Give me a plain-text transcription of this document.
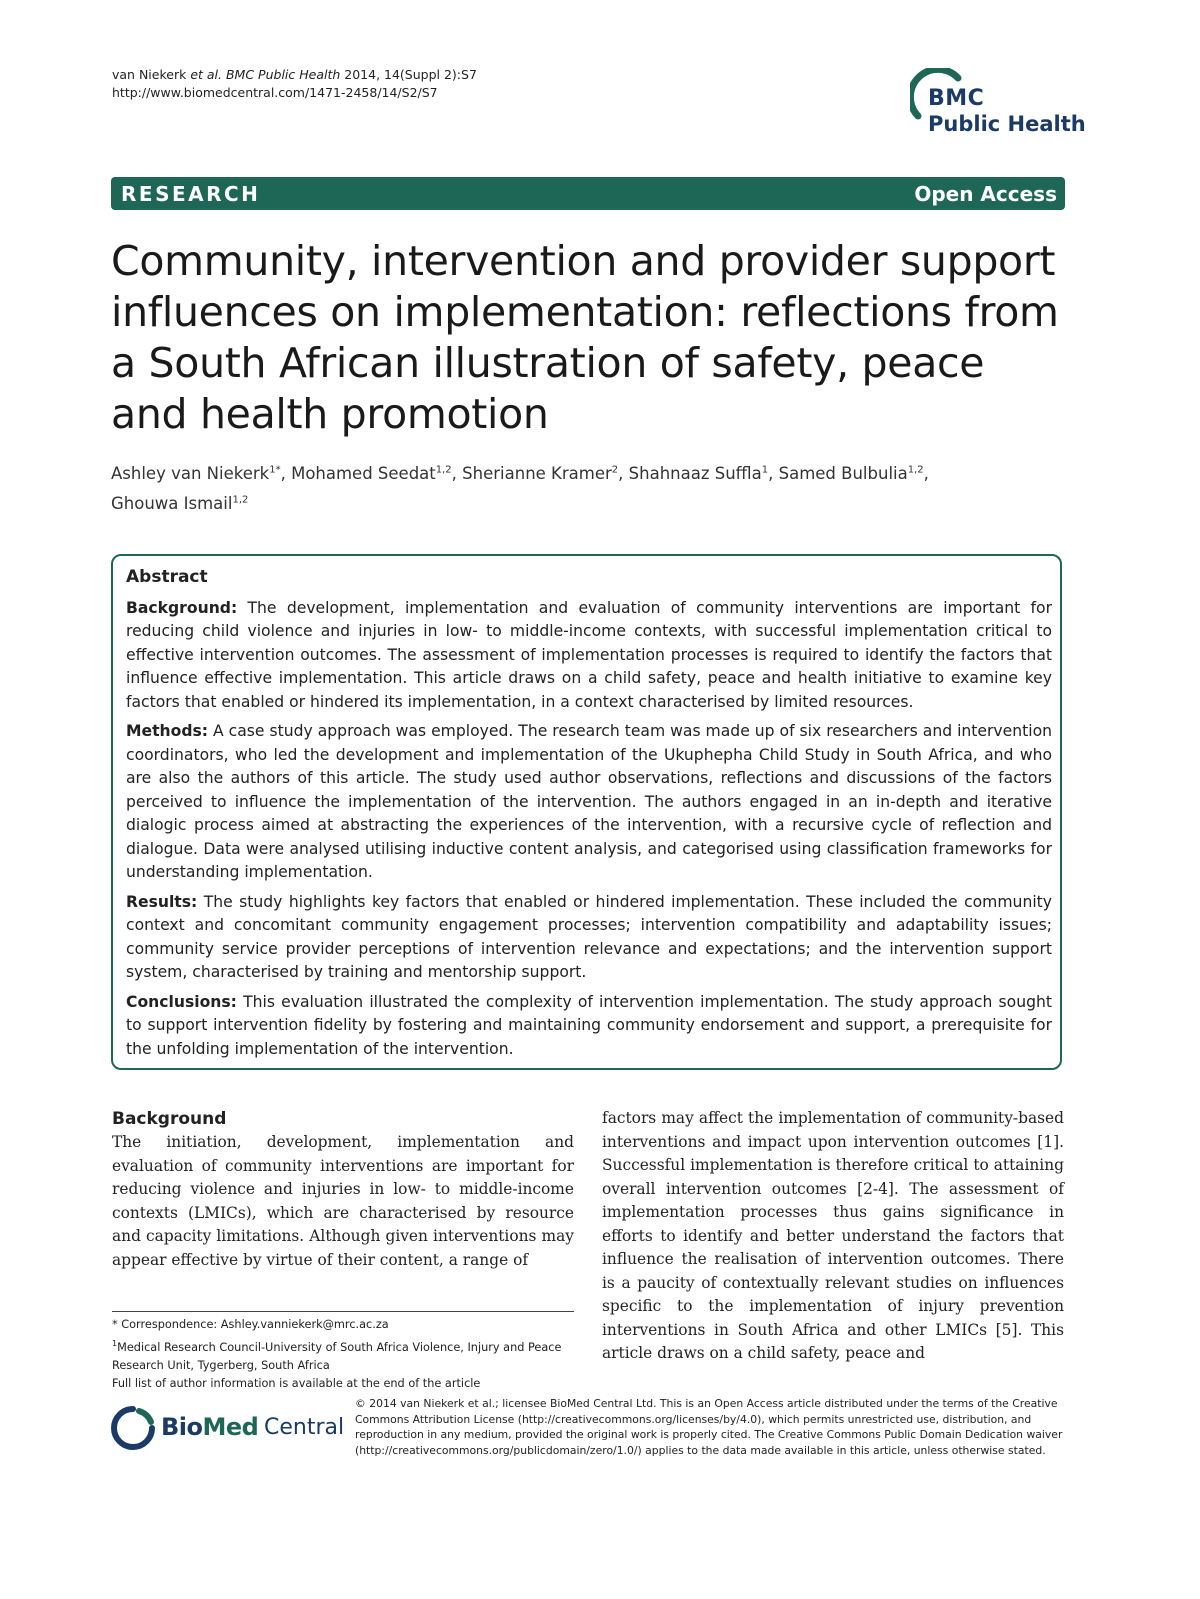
van Niekerk et al. BMC Public Health 2014, 14(Suppl 2):S7
http://www.biomedcentral.com/1471-2458/14/S2/S7	BMC
Public Health
RESEARCH	Open Access
Community, intervention and provider support influences on implementation: reflections from a South African illustration of safety, peace and health promotion
Ashley van Niekerk$^{1*}$, Mohamed Seedat$^{1,2}$, Sherianne Kramer$^2$, Shahnaaz Suffla$^1$, Samed Bulbulia$^{1,2}$,
Ghouwa Ismail$^{1,2}$
Abstract

Background: The development, implementation and evaluation of community interventions are important for reducing child violence and injuries in low- to middle-income contexts, with successful implementation critical to effective intervention outcomes. The assessment of implementation processes is required to identify the factors that influence effective implementation. This article draws on a child safety, peace and health initiative to examine key factors that enabled or hindered its implementation, in a context characterised by limited resources.

Methods: A case study approach was employed. The research team was made up of six researchers and intervention coordinators, who led the development and implementation of the Ukuphepha Child Study in South Africa, and who are also the authors of this article. The study used author observations, reflections and discussions of the factors perceived to influence the implementation of the intervention. The authors engaged in an in-depth and iterative dialogic process aimed at abstracting the experiences of the intervention, with a recursive cycle of reflection and dialogue. Data were analysed utilising inductive content analysis, and categorised using classification frameworks for understanding implementation.

Results: The study highlights key factors that enabled or hindered implementation. These included the community context and concomitant community engagement processes; intervention compatibility and adaptability issues; community service provider perceptions of intervention relevance and expectations; and the intervention support system, characterised by training and mentorship support.

Conclusions: This evaluation illustrated the complexity of intervention implementation. The study approach sought to support intervention fidelity by fostering and maintaining community endorsement and support, a prerequisite for the unfolding implementation of the intervention.

Background

The initiation, development, implementation and evaluation of community interventions are important for reducing violence and injuries in low- to middle-income contexts (LMICs), which are characterised by resource and capacity limitations. Although given interventions may appear effective by virtue of their content, a range of

factors may affect the implementation of community-based interventions and impact upon intervention outcomes [1]. Successful implementation is therefore critical to attaining overall intervention outcomes [2-4]. The assessment of implementation processes thus gains significance in efforts to identify and better understand the factors that influence the realisation of intervention outcomes. There is a paucity of contextually relevant studies on influences specific to the implementation of injury prevention interventions in South Africa and other LMICs [5]. This article draws on a child safety, peace and

* Correspondence: Ashley.vanniekerk@mrc.ac.za

$^1$Medical Research Council-University of South Africa Violence, Injury and Peace Research Unit, Tygerberg, South Africa

Full list of author information is available at the end of the article

BioMed Central
© 2014 van Niekerk et al.; licensee BioMed Central Ltd. This is an Open Access article distributed under the terms of the Creative Commons Attribution License (http://creativecommons.org/licenses/by/4.0), which permits unrestricted use, distribution, and reproduction in any medium, provided the original work is properly cited. The Creative Commons Public Domain Dedication waiver (http://creativecommons.org/publicdomain/zero/1.0/) applies to the data made available in this article, unless otherwise stated.
